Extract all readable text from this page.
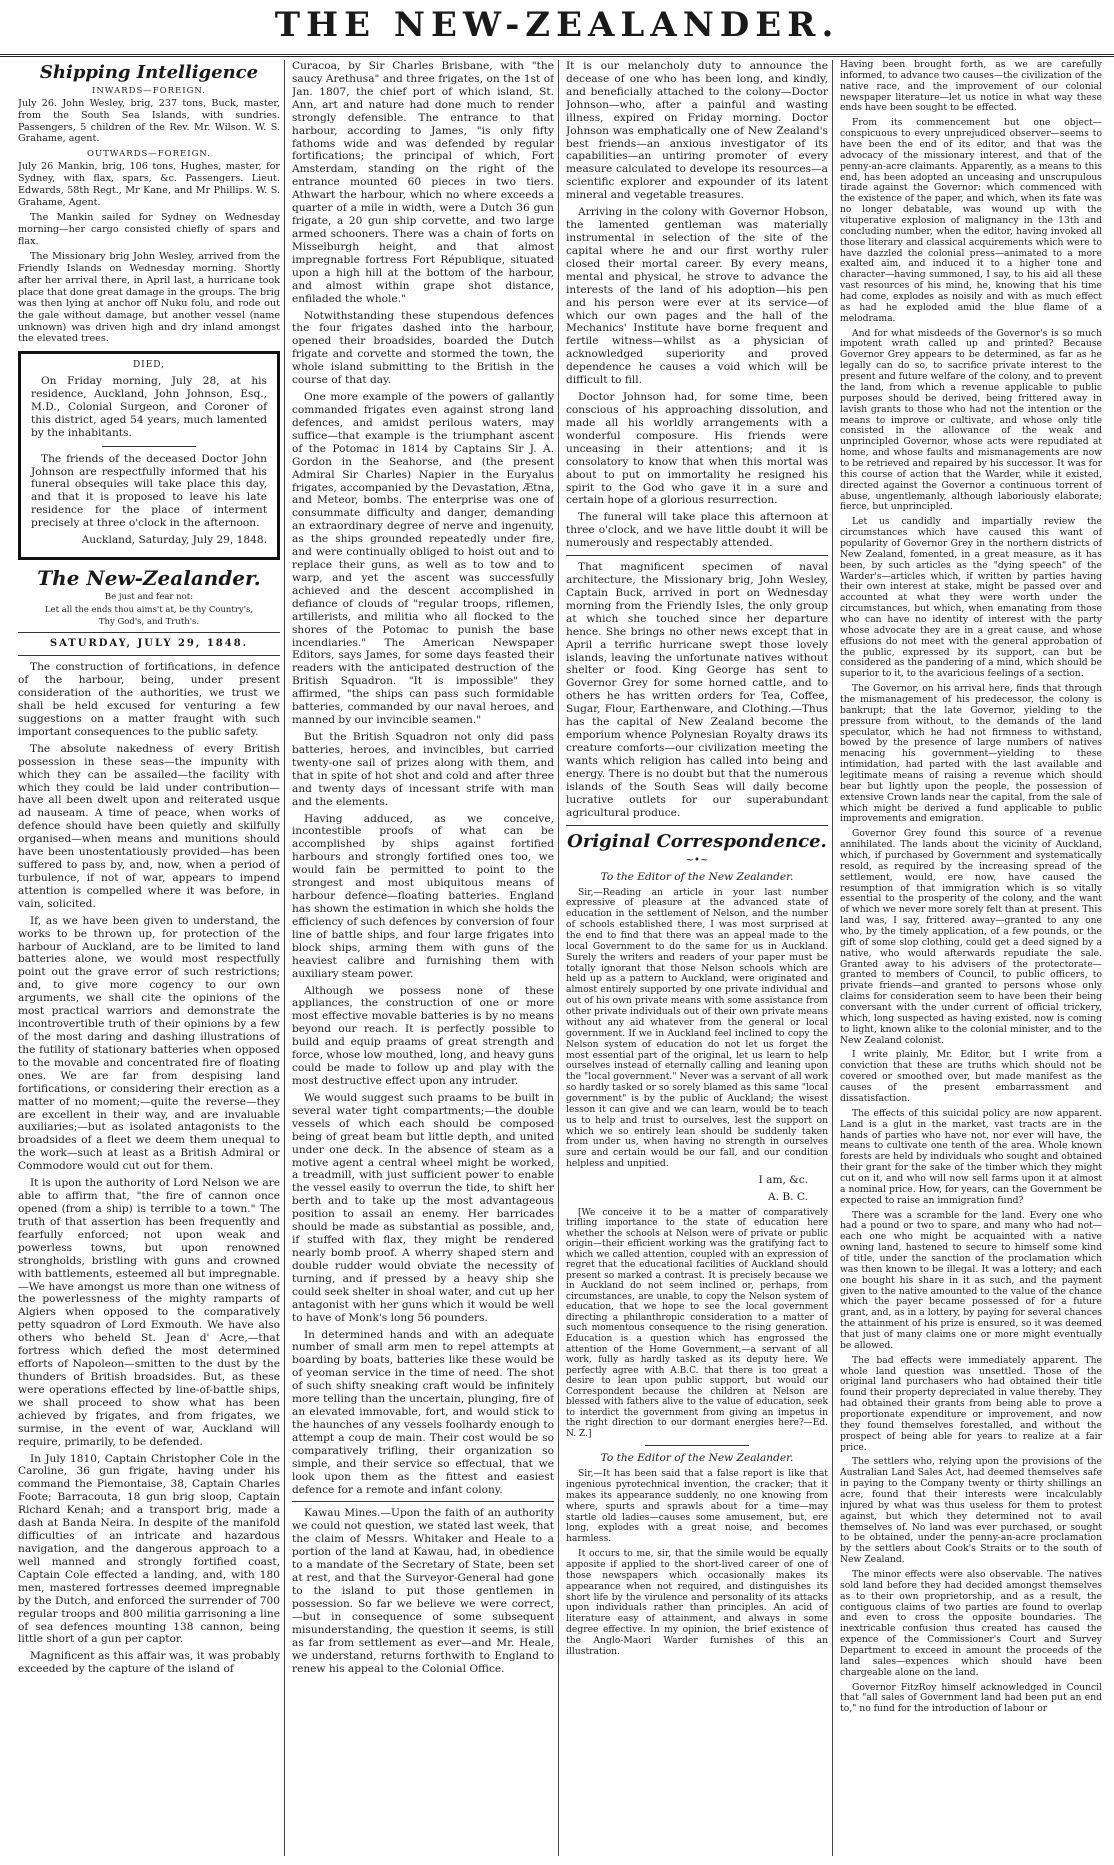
THE NEW-ZEALANDER.
Shipping Intelligence
INWARDS—FOREIGN.

July 26. John Wesley, brig, 237 tons, Buck, master, from the South Sea Islands, with sundries. Passengers, 5 children of the Rev. Mr. Wilson. W. S. Grahame, agent.

OUTWARDS—FOREIGN.

July 26 Mankin, brig, 106 tons, Hughes, master, for Sydney, with flax, spars, &c. Passengers. Lieut. Edwards, 58th Regt., Mr Kane, and Mr Phillips. W. S. Grahame, Agent.

The Mankin sailed for Sydney on Wednesday morning—her cargo consisted chiefly of spars and flax.

The Missionary brig John Wesley, arrived from the Friendly Islands on Wednesday morning. Shortly after her arrival there, in April last, a hurricane took place that done great damage in the groups. The brig was then lying at anchor off Nuku folu, and rode out the gale without damage, but another vessel (name unknown) was driven high and dry inland amongst the elevated trees.

DIED,

On Friday morning, July 28, at his residence, Auckland, John Johnson, Esq., M.D., Colonial Surgeon, and Coroner of this district, aged 54 years, much lamented by the inhabitants.

The friends of the deceased Doctor John Johnson are respectfully informed that his funeral obsequies will take place this day, and that it is proposed to leave his late residence for the place of interment precisely at three o'clock in the afternoon.

Auckland, Saturday, July 29, 1848.

The New-Zealander.
Be just and fear not:
Let all the ends thou aims't at, be thy Country's,
Thy God's, and Truth's.
SATURDAY, JULY 29, 1848.

The construction of fortifications, in defence of the harbour, being, under present consideration of the authorities, we trust we shall be held excused for venturing a few suggestions on a matter fraught with such important consequences to the public safety.

The absolute nakedness of every British possession in these seas—the impunity with which they can be assailed—the facility with which they could be laid under contribution—have all been dwelt upon and reiterated usque ad nauseam. A time of peace, when works of defence should have been quietly and skilfully organised—when means and munitions should have been unostentatiously provided—has been suffered to pass by, and, now, when a period of turbulence, if not of war, appears to impend attention is compelled where it was before, in vain, solicited.

If, as we have been given to understand, the works to be thrown up, for protection of the harbour of Auckland, are to be limited to land batteries alone, we would most respectfully point out the grave error of such restrictions; and, to give more cogency to our own arguments, we shall cite the opinions of the most practical warriors and demonstrate the incontrovertible truth of their opinions by a few of the most daring and dashing illustrations of the futility of stationary batteries when opposed to the movable and concentrated fire of floating ones. We are far from despising land fortifications, or considering their erection as a matter of no moment;—quite the reverse—they are excellent in their way, and are invaluable auxiliaries;—but as isolated antagonists to the broadsides of a fleet we deem them unequal to the work—such at least as a British Admiral or Commodore would cut out for them.

It is upon the authority of Lord Nelson we are able to affirm that, "the fire of cannon once opened (from a ship) is terrible to a town." The truth of that assertion has been frequently and fearfully enforced; not upon weak and powerless towns, but upon renowned strongholds, bristling with guns and crowned with battlements, esteemed all but impregnable.—We have amongst us more than one witness of the powerlessness of the mighty ramparts of Algiers when opposed to the comparatively petty squadron of Lord Exmouth. We have also others who beheld St. Jean d' Acre,—that fortress which defied the most determined efforts of Napoleon—smitten to the dust by the thunders of British broadsides. But, as these were operations effected by line-of-battle ships, we shall proceed to show what has been achieved by frigates, and from frigates, we surmise, in the event of war, Auckland will require, primarily, to be defended.

In July 1810, Captain Christopher Cole in the Caroline, 36 gun frigate, having under his command the Piemontaise, 38, Captain Charles Foote; Barracouta, 18 gun brig sloop, Captain Richard Kenah; and a transport brig, made a dash at Banda Neira. In despite of the manifold difficulties of an intricate and hazardous navigation, and the dangerous approach to a well manned and strongly fortified coast, Captain Cole effected a landing, and, with 180 men, mastered fortresses deemed impregnable by the Dutch, and enforced the surrender of 700 regular troops and 800 militia garrisoning a line of sea defences mounting 138 cannon, being little short of a gun per captor.

Magnificent as this affair was, it was probably exceeded by the capture of the island of

Curacoa, by Sir Charles Brisbane, with "the saucy Arethusa" and three frigates, on the 1st of Jan. 1807, the chief port of which island, St. Ann, art and nature had done much to render strongly defensible. The entrance to that harbour, according to James, "is only fifty fathoms wide and was defended by regular fortifications; the principal of which, Fort Amsterdam, standing on the right of the entrance mounted 60 pieces in two tiers. Athwart the harbour, which no where exceeds a quarter of a mile in width, were a Dutch 36 gun frigate, a 20 gun ship corvette, and two large armed schooners. There was a chain of forts on Misselburgh height, and that almost impregnable fortress Fort République, situated upon a high hill at the bottom of the harbour, and almost within grape shot distance, enfiladed the whole."

Notwithstanding these stupendous defences the four frigates dashed into the harbour, opened their broadsides, boarded the Dutch frigate and corvette and stormed the town, the whole island submitting to the British in the course of that day.

One more example of the powers of gallantly commanded frigates even against strong land defences, and amidst perilous waters, may suffice—that example is the triumphant ascent of the Potomac in 1814 by Captains Sir J. A. Gordon in the Seahorse, and (the present Admiral Sir Charles) Napier in the Euryalus frigates, accompanied by the Devastation, Ætna, and Meteor, bombs. The enterprise was one of consummate difficulty and danger, demanding an extraordinary degree of nerve and ingenuity, as the ships grounded repeatedly under fire, and were continually obliged to hoist out and to replace their guns, as well as to tow and to warp, and yet the ascent was successfully achieved and the descent accomplished in defiance of clouds of "regular troops, riflemen, artillerists, and militia who all flocked to the shores of the Potomac to punish the base incendiaries." The American Newspaper Editors, says James, for some days feasted their readers with the anticipated destruction of the British Squadron. "It is impossible" they affirmed, "the ships can pass such formidable batteries, commanded by our naval heroes, and manned by our invincible seamen."

But the British Squadron not only did pass batteries, heroes, and invincibles, but carried twenty-one sail of prizes along with them, and that in spite of hot shot and cold and after three and twenty days of incessant strife with man and the elements.

Having adduced, as we conceive, incontestible proofs of what can be accomplished by ships against fortified harbours and strongly fortified ones too, we would fain be permitted to point to the strongest and most ubiquitous means of harbour defence—floating batteries. England has shown the estimation in which she holds the efficiency of such defences by conversion of four line of battle ships, and four large frigates into block ships, arming them with guns of the heaviest calibre and furnishing them with auxiliary steam power.

Although we possess none of these appliances, the construction of one or more most effective movable batteries is by no means beyond our reach. It is perfectly possible to build and equip praams of great strength and force, whose low mouthed, long, and heavy guns could be made to follow up and play with the most destructive effect upon any intruder.

We would suggest such praams to be built in several water tight compartments;—the double vessels of which each should be composed being of great beam but little depth, and united under one deck. In the absence of steam as a motive agent a central wheel might be worked, a treadmill, with just sufficient power to enable the vessel easily to overrun the tide, to shift her berth and to take up the most advantageous position to assail an enemy. Her barricades should be made as substantial as possible, and, if stuffed with flax, they might be rendered nearly bomb proof. A wherry shaped stern and double rudder would obviate the necessity of turning, and if pressed by a heavy ship she could seek shelter in shoal water, and cut up her antagonist with her guns which it would be well to have of Monk's long 56 pounders.

In determined hands and with an adequate number of small arm men to repel attempts at boarding by boats, batteries like these would be of yeoman service in the time of need. The shot of such shifty sneaking craft would be infinitely more telling than the uncertain, plunging, fire of an elevated immovable, fort, and would stick to the haunches of any vessels foolhardy enough to attempt a coup de main. Their cost would be so comparatively trifling, their organization so simple, and their service so effectual, that we look upon them as the fittest and easiest defence for a remote and infant colony.

Kawau Mines.—Upon the faith of an authority we could not question, we stated last week, that the claim of Messrs. Whitaker and Heale to a portion of the land at Kawau, had, in obedience to a mandate of the Secretary of State, been set at rest, and that the Surveyor-General had gone to the island to put those gentlemen in possession. So far we believe we were correct,—but in consequence of some subsequent misunderstanding, the question it seems, is still as far from settlement as ever—and Mr. Heale, we understand, returns forthwith to England to renew his appeal to the Colonial Office.

It is our melancholy duty to announce the decease of one who has been long, and kindly, and beneficially attached to the colony—Doctor Johnson—who, after a painful and wasting illness, expired on Friday morning. Doctor Johnson was emphatically one of New Zealand's best friends—an anxious investigator of its capabilities—an untiring promoter of every measure calculated to develope its resources—a scientific explorer and expounder of its latent mineral and vegetable treasures.

Arriving in the colony with Governor Hobson, the lamented gentleman was materially instrumental in selection of the site of the capital where he and our first worthy ruler closed their mortal career. By every means, mental and physical, he strove to advance the interests of the land of his adoption—his pen and his person were ever at its service—of which our own pages and the hall of the Mechanics' Institute have borne frequent and fertile witness—whilst as a physician of acknowledged superiority and proved dependence he causes a void which will be difficult to fill.

Doctor Johnson had, for some time, been conscious of his approaching dissolution, and made all his worldly arrangements with a wonderful composure. His friends were unceasing in their attentions; and it is consolatory to know that when this mortal was about to put on immortality he resigned his spirit to the God who gave it in a sure and certain hope of a glorious resurrection.

The funeral will take place this afternoon at three o'clock, and we have little doubt it will be numerously and respectably attended.

That magnificent specimen of naval architecture, the Missionary brig, John Wesley, Captain Buck, arrived in port on Wednesday morning from the Friendly Isles, the only group at which she touched since her departure hence. She brings no other news except that in April a terrific hurricane swept those lovely islands, leaving the unfortunate natives without shelter or food. King George has sent to Governor Grey for some horned cattle, and to others he has written orders for Tea, Coffee, Sugar, Flour, Earthenware, and Clothing.—Thus has the capital of New Zealand become the emporium whence Polynesian Royalty draws its creature comforts—our civilization meeting the wants which religion has called into being and energy. There is no doubt but that the numerous islands of the South Seas will daily become lucrative outlets for our superabundant agricultural produce.

Original Correspondence.
~•~

To the Editor of the New Zealander.

Sir,—Reading an article in your last number expressive of pleasure at the advanced state of education in the settlement of Nelson, and the number of schools established there, I was most surprised at the end to find that there was an appeal made to the local Government to do the same for us in Auckland. Surely the writers and readers of your paper must be totally ignorant that those Nelson schools which are held up as a pattern to Auckland, were originated and almost entirely supported by one private individual and out of his own private means with some assistance from other private individuals out of their own private means without any aid whatever from the general or local government. If we in Auckland feel inclined to copy the Nelson system of education do not let us forget the most essential part of the original, let us learn to help ourselves instead of eternally calling and leaning upon the "local government." Never was a servant of all work so hardly tasked or so sorely blamed as this same "local government" is by the public of Auckland; the wisest lesson it can give and we can learn, would be to teach us to help and trust to ourselves, lest the support on which we so entirely lean should be suddenly taken from under us, when having no strength in ourselves sure and certain would be our fall, and our condition helpless and unpitied.

I am, &c.

A. B. C.

[We conceive it to be a matter of comparatively trifling importance to the state of education here whether the schools at Nelson were of private or public origin—their efficient working was the gratifying fact to which we called attention, coupled with an expression of regret that the educational facilities of Auckland should present so marked a contrast. It is precisely because we in Auckland do not seem inclined or, perhaps, from circumstances, are unable, to copy the Nelson system of education, that we hope to see the local government directing a philanthropic consideration to a matter of such momentous consequence to the rising generation. Education is a question which has engrossed the attention of the Home Government,—a servant of all work, fully as hardly tasked as its deputy here. We perfectly agree with A.B.C. that there is too great a desire to lean upon public support, but would our Correspondent because the children at Nelson are blessed with fathers alive to the value of education, seek to interdict the government from giving an impetus in the right direction to our dormant energies here?—Ed. N. Z.]

To the Editor of the New Zealander.

Sir,—It has been said that a false report is like that ingenious pyrotechnical invention, the cracker; that it makes its appearance suddenly, no one knowing from where, spurts and sprawls about for a time—may startle old ladies—causes some amusement, but, ere long, explodes with a great noise, and becomes harmless.

It occurs to me, sir, that the simile would be equally apposite if applied to the short-lived career of one of those newspapers which occasionally makes its appearance when not required, and distinguishes its short life by the virulence and personality of its attacks upon individuals rather than principles. An acid of literature easy of attainment, and always in some degree effective. In my opinion, the brief existence of the Anglo-Maori Warder furnishes of this an illustration.

Having been brought forth, as we are carefully informed, to advance two causes—the civilization of the native race, and the improvement of our colonial newspaper literature—let us notice in what way these ends have been sought to be effected.

From its commencement but one object—conspicuous to every unprejudiced observer—seems to have been the end of its editor, and that was the advocacy of the missionary interest, and that of the penny-an-acre claimants. Apparently, as a means to this end, has been adopted an unceasing and unscrupulous tirade against the Governor: which commenced with the existence of the paper, and which, when its fate was no longer debatable, was wound up with the vituperative explosion of malignancy in the 13th and concluding number, when the editor, having invoked all those literary and classical acquirements which were to have dazzled the colonial press—animated to a more exalted aim, and induced it to a higher tone and character—having summoned, I say, to his aid all these vast resources of his mind, he, knowing that his time had come, explodes as noisily and with as much effect as had he exploded amid the blue flame of a melodrama.

And for what misdeeds of the Governor's is so much impotent wrath called up and printed? Because Governor Grey appears to be determined, as far as he legally can do so, to sacrifice private interest to the present and future welfare of the colony, and to prevent the land, from which a revenue applicable to public purposes should be derived, being frittered away in lavish grants to those who had not the intention or the means to improve or cultivate, and whose only title consisted in the allowance of the weak and unprincipled Governor, whose acts were repudiated at home, and whose faults and mismanagements are now to be retrieved and repaired by his successor. It was for this course of action that the Warder, while it existed, directed against the Governor a continuous torrent of abuse, ungentlemanly, although laboriously elaborate; fierce, but unprincipled.

Let us candidly and impartially review the circumstances which have caused this want of popularity of Governor Grey in the northern districts of New Zealand, fomented, in a great measure, as it has been, by such articles as the "dying speech" of the Warder's—articles which, if written by parties having their own interest at stake, might be passed over and accounted at what they were worth under the circumstances, but which, when emanating from those who can have no identity of interest with the party whose advocate they are in a great cause, and whose effusions do not meet with the general approbation of the public, expressed by its support, can but be considered as the pandering of a mind, which should be superior to it, to the avaricious feelings of a section.

The Governor, on his arrival here, finds that through the mismanagement of his predecessor, the colony is bankrupt; that the late Governor, yielding to the pressure from without, to the demands of the land speculator, which he had not firmness to withstand, bowed by the presence of large numbers of natives menacing his government—yielding to these intimidation, had parted with the last available and legitimate means of raising a revenue which should bear but lightly upon the people, the possession of extensive Crown lands near the capital, from the sale of which might be derived a fund applicable to public improvements and emigration.

Governor Grey found this source of a revenue annihilated. The lands about the vicinity of Auckland, which, if purchased by Government and systematically resold, as required by the increasing spread of the settlement, would, ere now, have caused the resumption of that immigration which is so vitally essential to the prosperity of the colony, and the want of which we never more sorely felt than at present. This land was, I say, frittered away—granted to any one who, by the timely application, of a few pounds, or the gift of some slop clothing, could get a deed signed by a native, who would afterwards repudiate the sale. Granted away to his advisers of the protectorate—granted to members of Council, to public officers, to private friends—and granted to persons whose only claims for consideration seem to have been their being conversant with the under current of official trickery, which, long suspected as having existed, now is coming to light, known alike to the colonial minister, and to the New Zealand colonist.

I write plainly, Mr. Editor, but I write from a conviction that these are truths which should not be covered or smoothed over, but made manifest as the causes of the present embarrassment and dissatisfaction.

The effects of this suicidal policy are now apparent. Land is a glut in the market, vast tracts are in the hands of parties who have not, nor ever will have, the means to cultivate one tenth of the area. Whole known forests are held by individuals who sought and obtained their grant for the sake of the timber which they might cut on it, and who will now sell farms upon it at almost a nominal price. How, for years, can the Government be expected to raise an immigration fund?

There was a scramble for the land. Every one who had a pound or two to spare, and many who had not—each one who might be acquainted with a native owning land, hastened to secure to himself some kind of title, under the sanction of the proclamation which was then known to be illegal. It was a lottery; and each one bought his share in it as such, and the payment given to the native amounted to the value of the chance which the payer became possessed of for a future grant, and, as in a lottery, by paying for several chances the attainment of his prize is ensured, so it was deemed that just of many claims one or more might eventually be allowed.

The bad effects were immediately apparent. The whole land question was unsettled. Those of the original land purchasers who had obtained their title found their property depreciated in value thereby. They had obtained their grants from being able to prove a proportionate expenditure or improvement, and now they found themselves forestalled, and without the prospect of being able for years to realize at a fair price.

The settlers who, relying upon the provisions of the Australian Land Sales Act, had deemed themselves safe in paying to the Company twenty or thirty shillings an acre, found that their interests were incalculably injured by what was thus useless for them to protest against, but which they determined not to avail themselves of. No land was ever purchased, or sought to be obtained, under the penny-an-acre proclamation by the settlers about Cook's Straits or to the south of New Zealand.

The minor effects were also observable. The natives sold land before they had decided amongst themselves as to their own proprietorship, and as a result, the contiguous claims of two parties are found to overlap and even to cross the opposite boundaries. The inextricable confusion thus created has caused the expence of the Commissioner's Court and Survey Department to exceed in amount the proceeds of the land sales—expences which should have been chargeable alone on the land.

Governor FitzRoy himself acknowledged in Council that "all sales of Government land had been put an end to," no fund for the introduction of labour or
